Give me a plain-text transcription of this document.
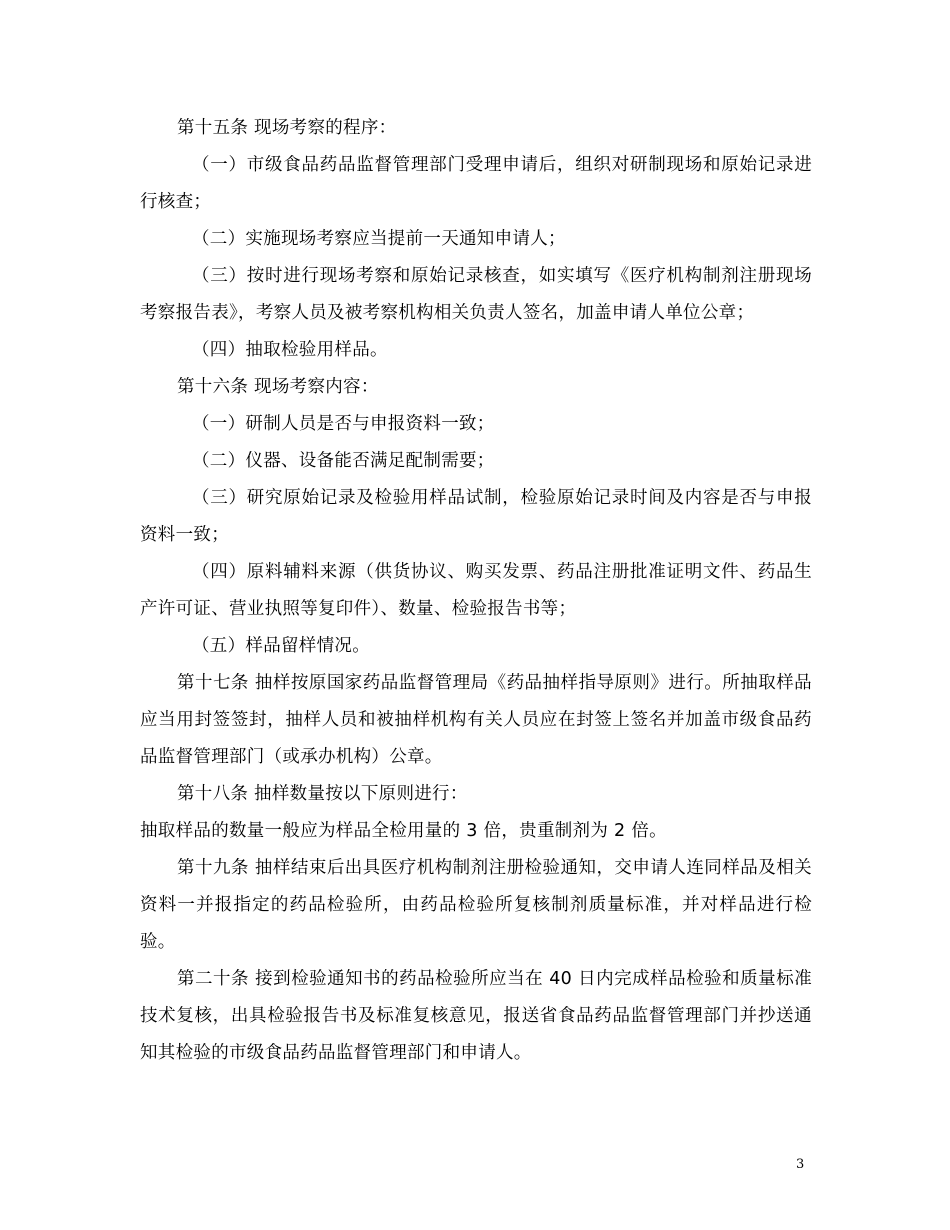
第十五条 现场考察的程序：

（一）市级食品药品监督管理部门受理申请后，组织对研制现场和原始记录进行核查；

（二）实施现场考察应当提前一天通知申请人；

（三）按时进行现场考察和原始记录核查，如实填写《医疗机构制剂注册现场考察报告表》，考察人员及被考察机构相关负责人签名，加盖申请人单位公章；

（四）抽取检验用样品。

第十六条 现场考察内容：

（一）研制人员是否与申报资料一致；

（二）仪器、设备能否满足配制需要；

（三）研究原始记录及检验用样品试制，检验原始记录时间及内容是否与申报资料一致；

（四）原料辅料来源（供货协议、购买发票、药品注册批准证明文件、药品生产许可证、营业执照等复印件）、数量、检验报告书等；

（五）样品留样情况。

第十七条 抽样按原国家药品监督管理局《药品抽样指导原则》进行。所抽取样品应当用封签签封，抽样人员和被抽样机构有关人员应在封签上签名并加盖市级食品药品监督管理部门（或承办机构）公章。

第十八条 抽样数量按以下原则进行：

抽取样品的数量一般应为样品全检用量的 3 倍，贵重制剂为 2 倍。

第十九条 抽样结束后出具医疗机构制剂注册检验通知，交申请人连同样品及相关资料一并报指定的药品检验所，由药品检验所复核制剂质量标准，并对样品进行检验。

第二十条 接到检验通知书的药品检验所应当在 40 日内完成样品检验和质量标准技术复核，出具检验报告书及标准复核意见，报送省食品药品监督管理部门并抄送通知其检验的市级食品药品监督管理部门和申请人。

3
